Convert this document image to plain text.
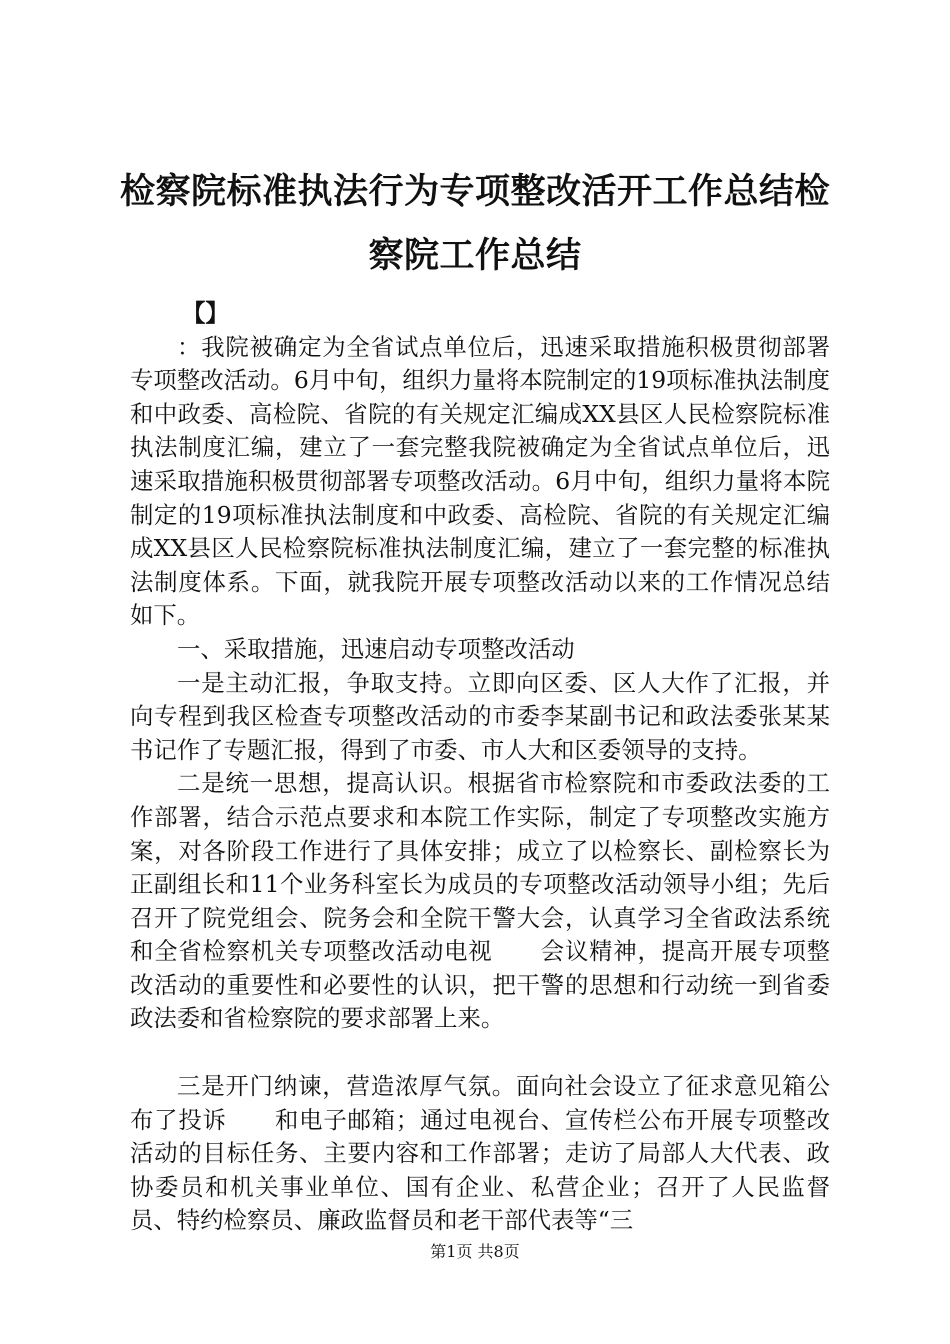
检察院标准执法行为专项整改活开工作总结检
察院工作总结

【】

：我院被确定为全省试点单位后，迅速采取措施积极贯彻部署专项整改活动。6月中旬，组织力量将本院制定的19项标准执法制度和中政委、高检院、省院的有关规定汇编成XX县区人民检察院标准执法制度汇编，建立了一套完整我院被确定为全省试点单位后，迅速采取措施积极贯彻部署专项整改活动。6月中旬，组织力量将本院制定的19项标准执法制度和中政委、高检院、省院的有关规定汇编成XX县区人民检察院标准执法制度汇编，建立了一套完整的标准执法制度体系。下面，就我院开展专项整改活动以来的工作情况总结如下。

一、采取措施，迅速启动专项整改活动

一是主动汇报，争取支持。立即向区委、区人大作了汇报，并向专程到我区检查专项整改活动的市委李某副书记和政法委张某某书记作了专题汇报，得到了市委、市人大和区委领导的支持。

二是统一思想，提高认识。根据省市检察院和市委政法委的工作部署，结合示范点要求和本院工作实际，制定了专项整改实施方案，对各阶段工作进行了具体安排；成立了以检察长、副检察长为正副组长和11个业务科室长为成员的专项整改活动领导小组；先后召开了院党组会、院务会和全院干警大会，认真学习全省政法系统和全省检察机关专项整改活动电视　　会议精神，提高开展专项整改活动的重要性和必要性的认识，把干警的思想和行动统一到省委政法委和省检察院的要求部署上来。

三是开门纳谏，营造浓厚气氛。面向社会设立了征求意见箱公布了投诉　　和电子邮箱；通过电视台、宣传栏公布开展专项整改活动的目标任务、主要内容和工作部署；走访了局部人大代表、政协委员和机关事业单位、国有企业、私营企业；召开了人民监督员、特约检察员、廉政监督员和老干部代表等“三

第1页 共8页
